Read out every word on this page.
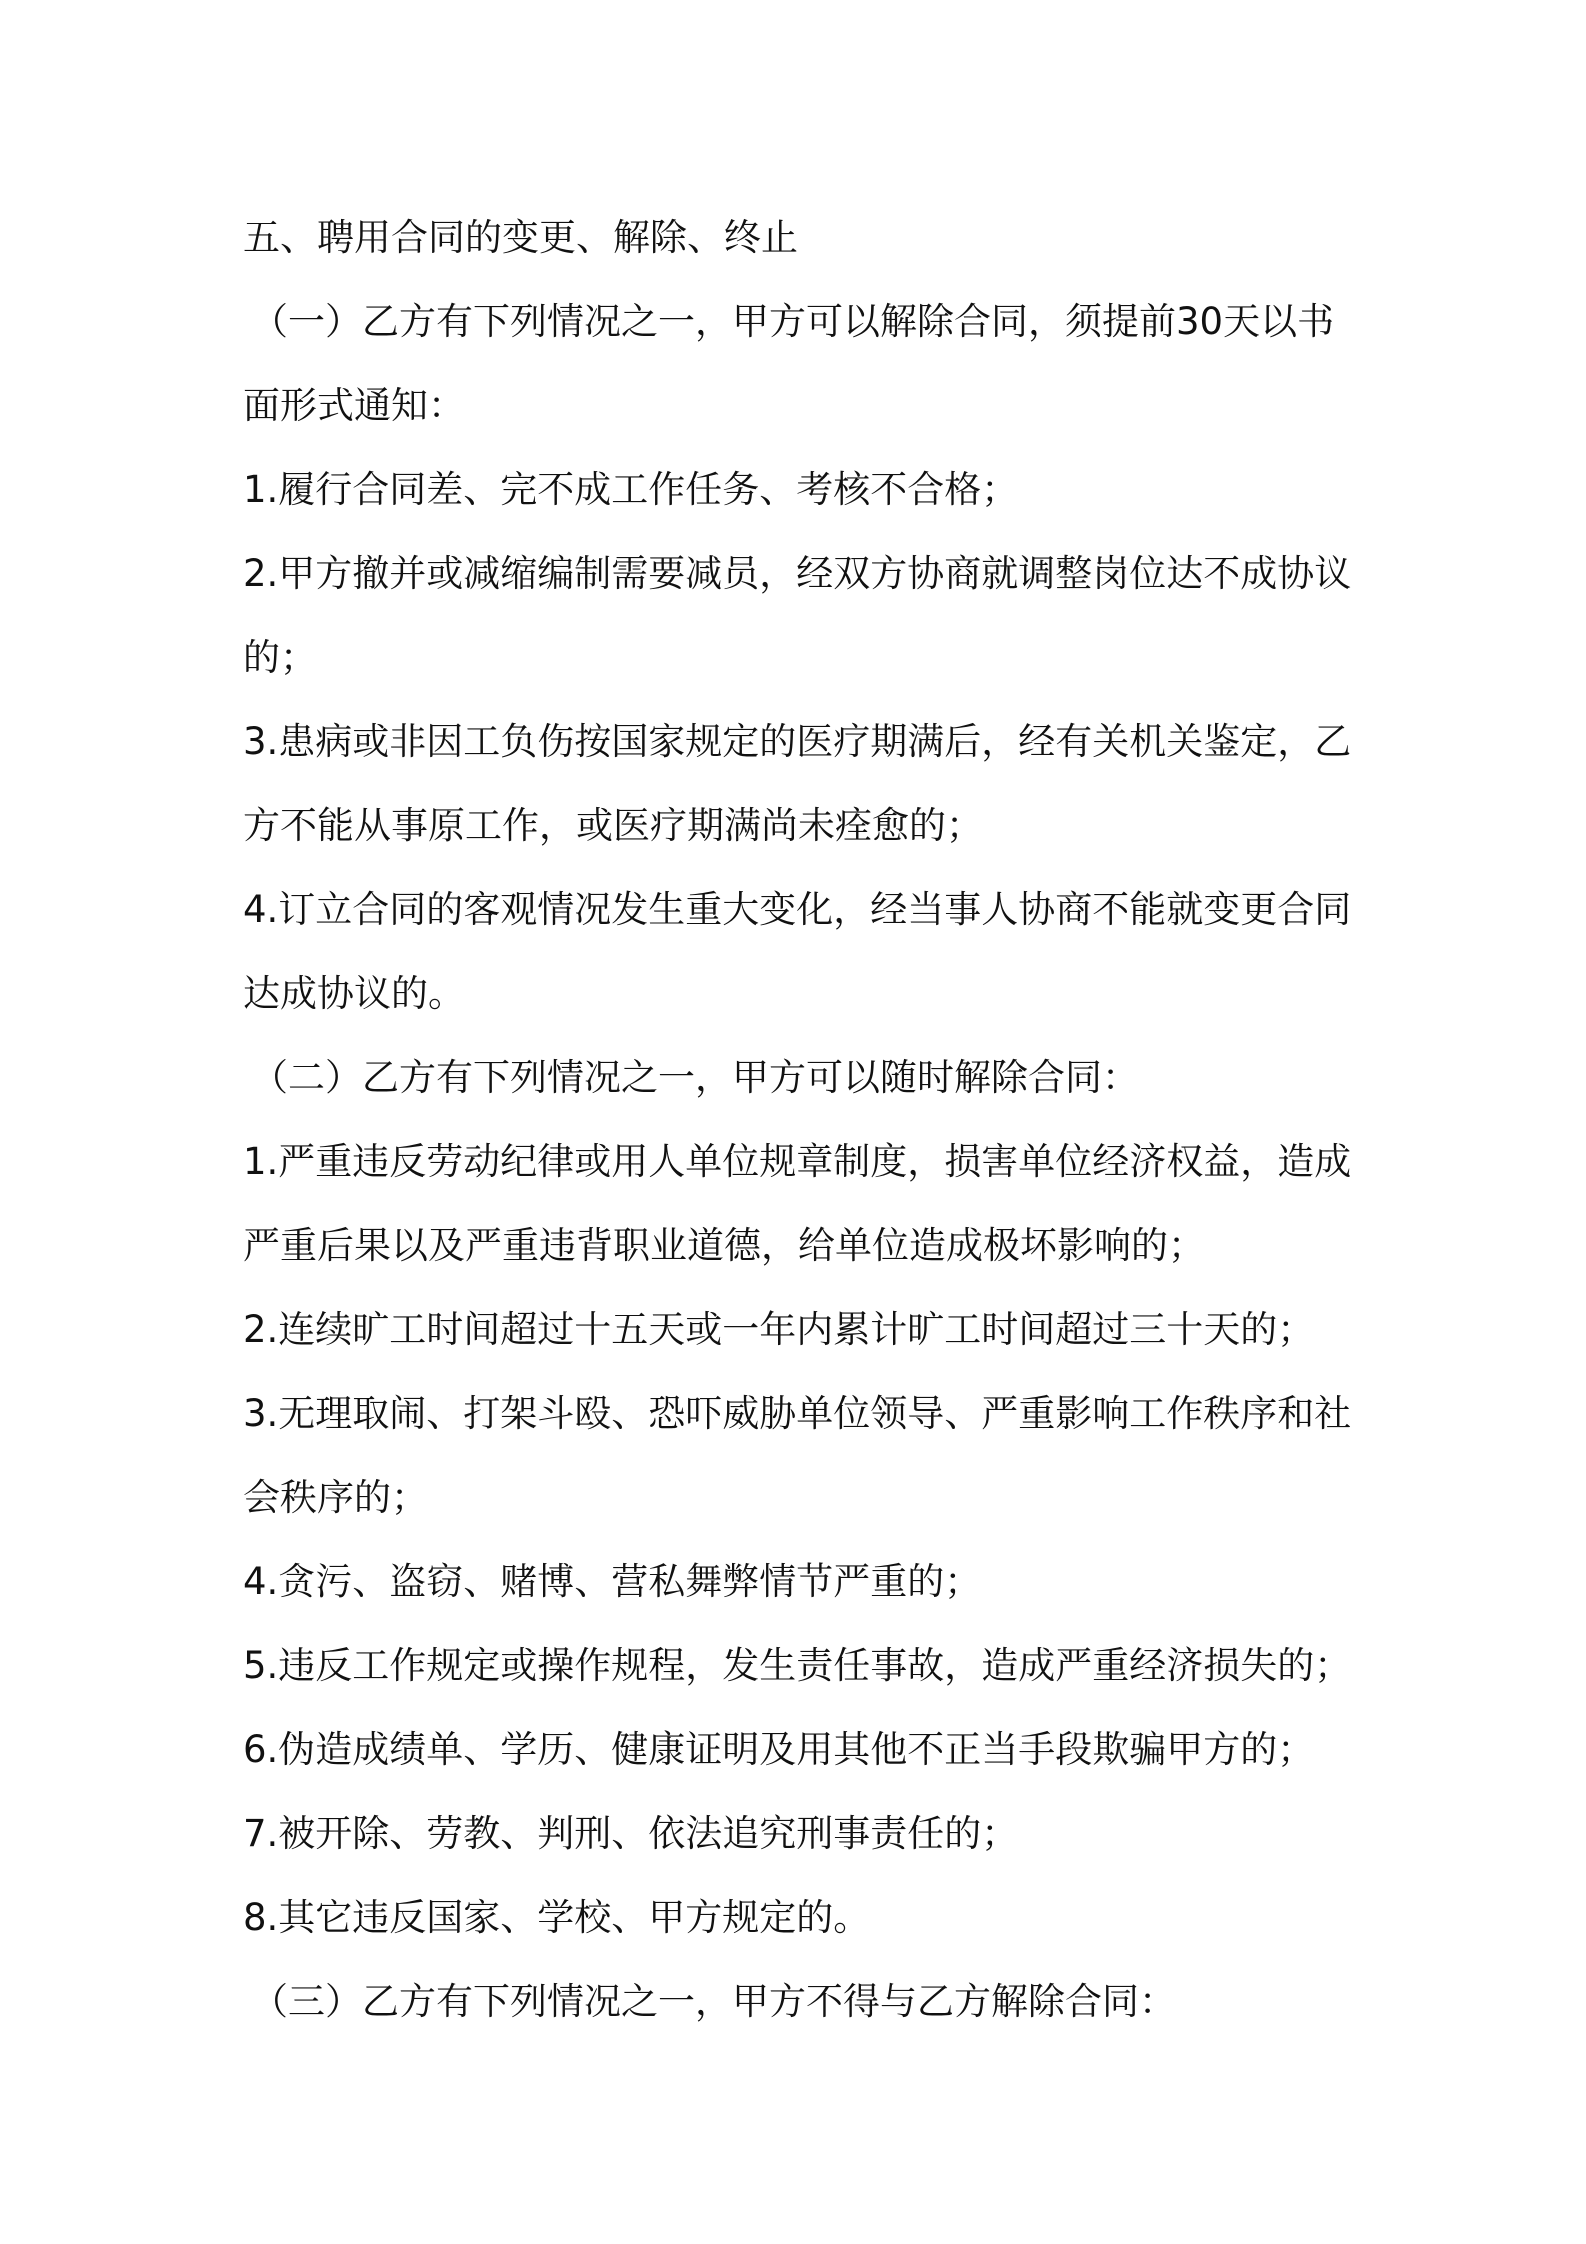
五、聘用合同的变更、解除、终止
（一）乙方有下列情况之一，甲方可以解除合同，须提前30天以书
面形式通知：
1.履行合同差、完不成工作任务、考核不合格；
2.甲方撤并或减缩编制需要减员，经双方协商就调整岗位达不成协议
的；
3.患病或非因工负伤按国家规定的医疗期满后，经有关机关鉴定，乙
方不能从事原工作，或医疗期满尚未痊愈的；
4.订立合同的客观情况发生重大变化，经当事人协商不能就变更合同
达成协议的。
（二）乙方有下列情况之一，甲方可以随时解除合同：
1.严重违反劳动纪律或用人单位规章制度，损害单位经济权益，造成
严重后果以及严重违背职业道德，给单位造成极坏影响的；
2.连续旷工时间超过十五天或一年内累计旷工时间超过三十天的；
3.无理取闹、打架斗殴、恐吓威胁单位领导、严重影响工作秩序和社
会秩序的；
4.贪污、盗窃、赌博、营私舞弊情节严重的；
5.违反工作规定或操作规程，发生责任事故，造成严重经济损失的；
6.伪造成绩单、学历、健康证明及用其他不正当手段欺骗甲方的；
7.被开除、劳教、判刑、依法追究刑事责任的；
8.其它违反国家、学校、甲方规定的。
（三）乙方有下列情况之一，甲方不得与乙方解除合同：
